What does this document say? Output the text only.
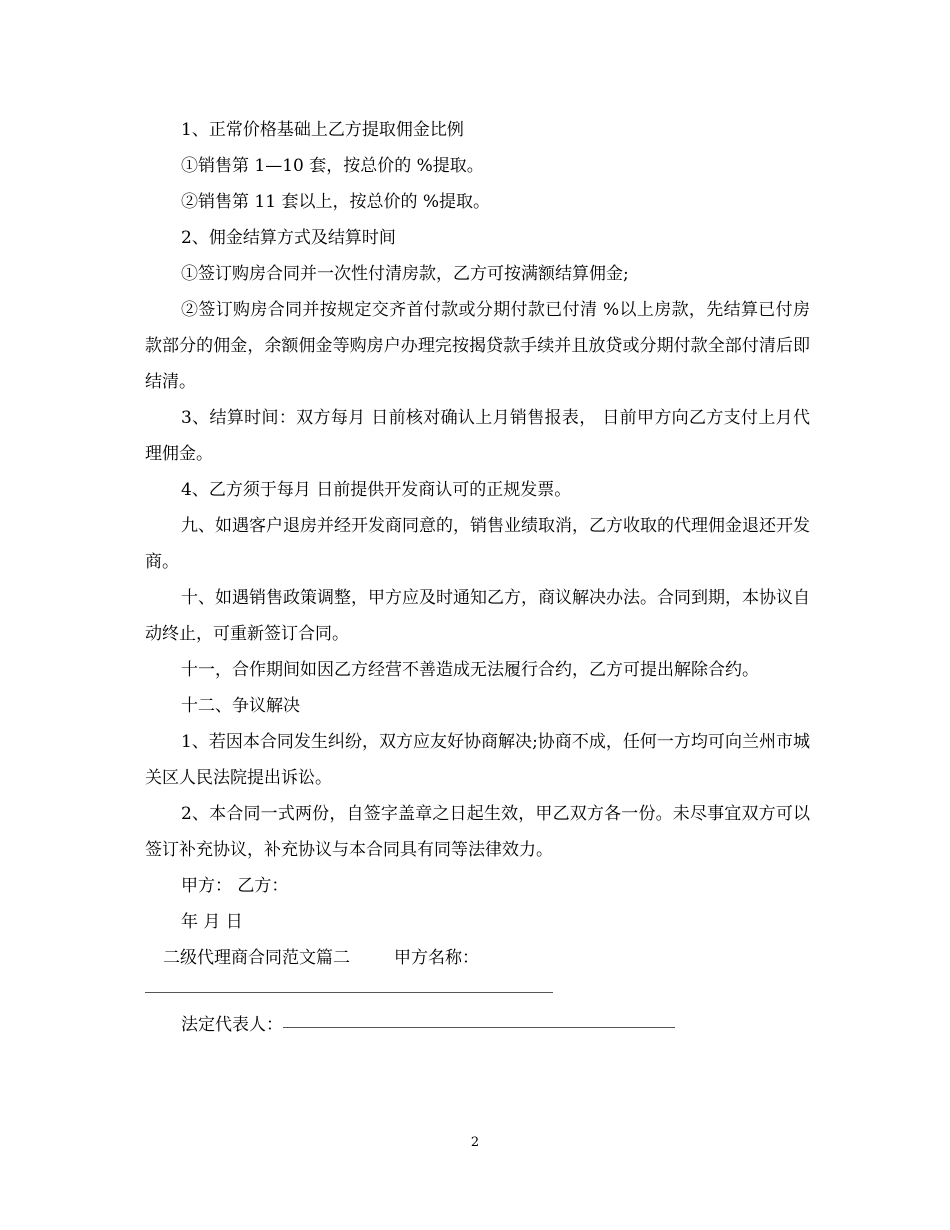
1、正常价格基础上乙方提取佣金比例

①销售第 1—10 套，按总价的 %提取。

②销售第 11 套以上，按总价的 %提取。

2、佣金结算方式及结算时间

①签订购房合同并一次性付清房款，乙方可按满额结算佣金;

②签订购房合同并按规定交齐首付款或分期付款已付清 %以上房款，先结算已付房款部分的佣金，余额佣金等购房户办理完按揭贷款手续并且放贷或分期付款全部付清后即结清。

3、结算时间：双方每月 日前核对确认上月销售报表， 日前甲方向乙方支付上月代理佣金。

4、乙方须于每月 日前提供开发商认可的正规发票。

九、如遇客户退房并经开发商同意的，销售业绩取消，乙方收取的代理佣金退还开发商。

十、如遇销售政策调整，甲方应及时通知乙方，商议解决办法。合同到期，本协议自动终止，可重新签订合同。

十一，合作期间如因乙方经营不善造成无法履行合约，乙方可提出解除合约。

十二、争议解决

1、若因本合同发生纠纷，双方应友好协商解决;协商不成，任何一方均可向兰州市城关区人民法院提出诉讼。

2、本合同一式两份，自签字盖章之日起生效，甲乙双方各一份。未尽事宜双方可以签订补充协议，补充协议与本合同具有同等法律效力。

甲方： 乙方：

年 月 日

二级代理商合同范文篇二	甲方名称：

法定代表人：

2
